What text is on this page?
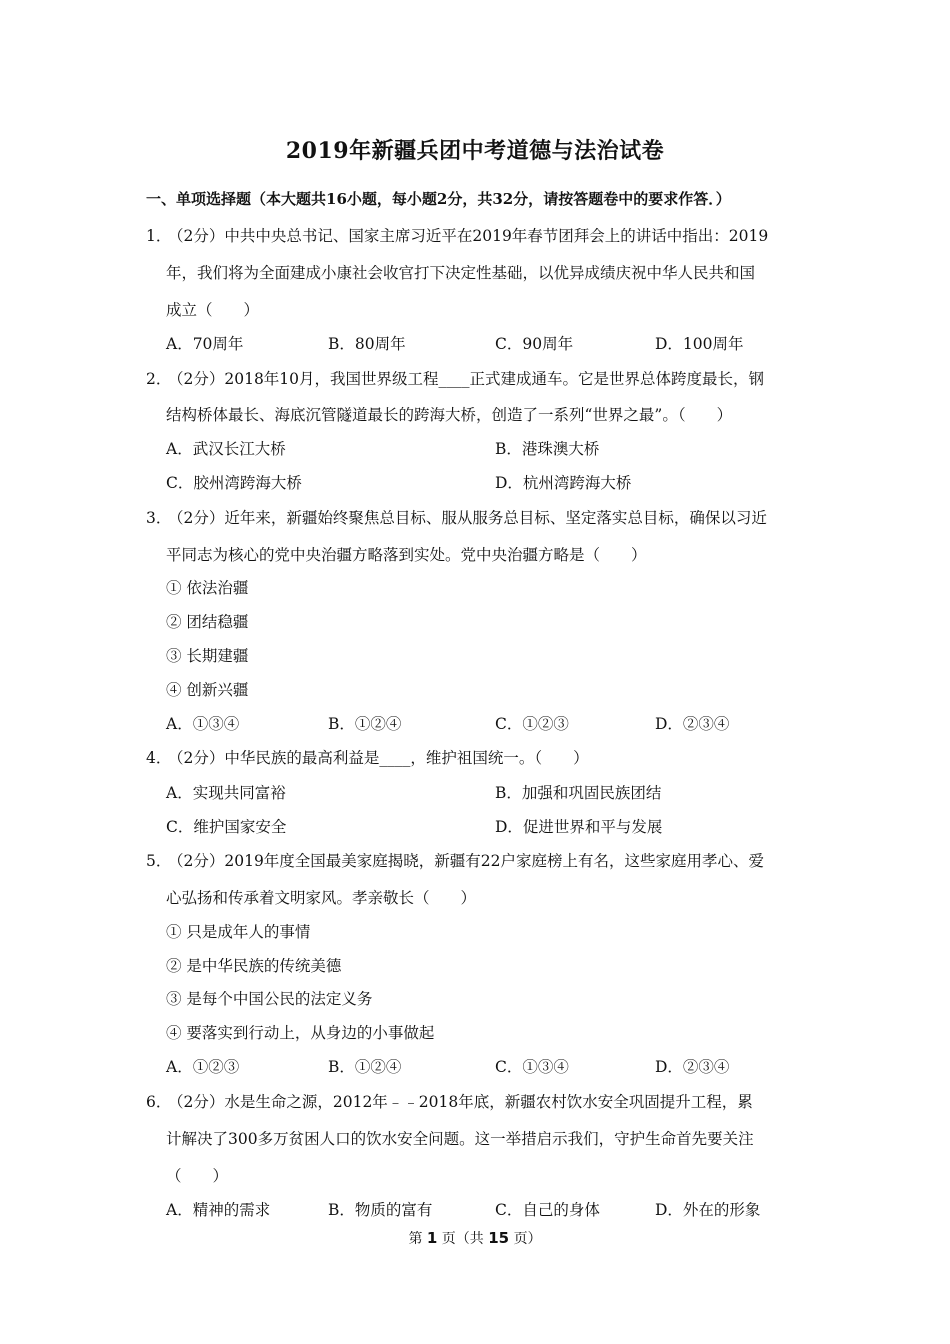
2019年新疆兵团中考道德与法治试卷
一、单项选择题（本大题共16小题，每小题2分，共32分，请按答题卷中的要求作答．）
1．
（2分）中共中央总书记、国家主席习近平在2019年春节团拜会上的讲话中指出：2019
年，我们将为全面建成小康社会收官打下决定性基础，以优异成绩庆祝中华人民共和国
成立（　　）
A．70周年	B．80周年	C．90周年	D．100周年
2．
（2分）2018年10月，我国世界级工程____正式建成通车。它是世界总体跨度最长，钢
结构桥体最长、海底沉管隧道最长的跨海大桥，创造了一系列“世界之最”。（　　）
A．武汉长江大桥	B．港珠澳大桥
C．胶州湾跨海大桥	D．杭州湾跨海大桥
3．
（2分）近年来，新疆始终聚焦总目标、服从服务总目标、坚定落实总目标，确保以习近
平同志为核心的党中央治疆方略落到实处。党中央治疆方略是（　　）
① 依法治疆
② 团结稳疆
③ 长期建疆
④ 创新兴疆
A．①③④	B．①②④	C．①②③	D．②③④
4．
（2分）中华民族的最高利益是____，维护祖国统一。（　　）
A．实现共同富裕	B．加强和巩固民族团结
C．维护国家安全	D．促进世界和平与发展
5．
（2分）2019年度全国最美家庭揭晓，新疆有22户家庭榜上有名，这些家庭用孝心、爱
心弘扬和传承着文明家风。孝亲敬长（　　）
① 只是成年人的事情
② 是中华民族的传统美德
③ 是每个中国公民的法定义务
④ 要落实到行动上，从身边的小事做起
A．①②③	B．①②④	C．①③④	D．②③④
6．
（2分）水是生命之源，2012年﹣﹣2018年底，新疆农村饮水安全巩固提升工程，累
计解决了300多万贫困人口的饮水安全问题。这一举措启示我们，守护生命首先要关注
（　　）
A．精神的需求	B．物质的富有	C．自己的身体	D．外在的形象
第 1 页（共 15 页）
